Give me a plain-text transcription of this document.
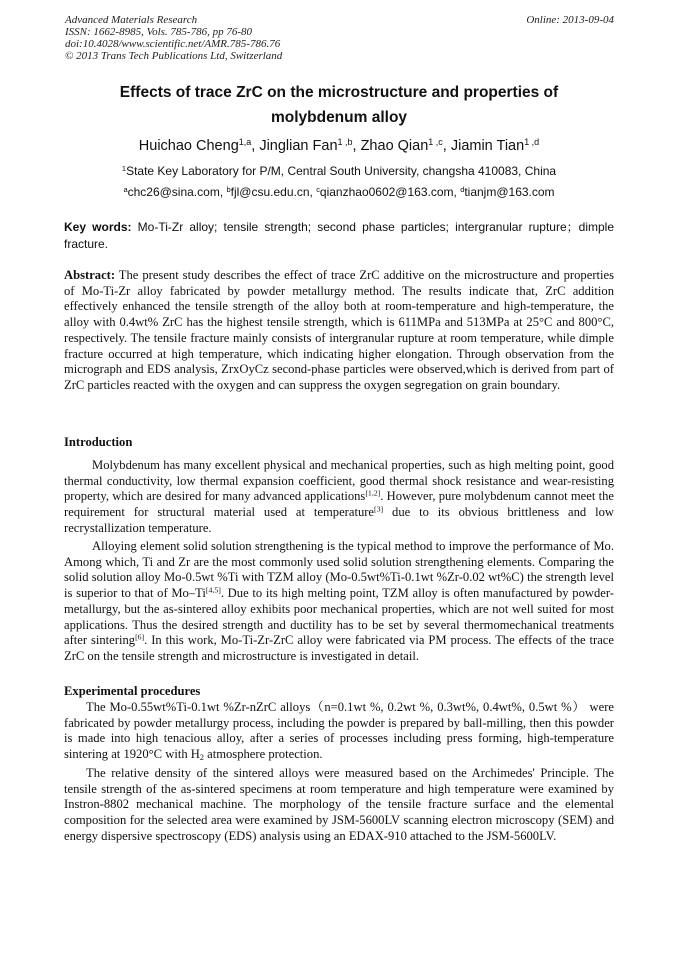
Advanced Materials Research
ISSN: 1662-8985, Vols. 785-786, pp 76-80
doi:10.4028/www.scientific.net/AMR.785-786.76
© 2013 Trans Tech Publications Ltd, Switzerland
Online: 2013-09-04
Effects of trace ZrC on the microstructure and properties of
molybdenum alloy
Huichao Cheng$^{1,a}$, Jinglian Fan$^{1 ,b}$, Zhao Qian$^{1 ,c}$, Jiamin Tian$^{1 ,d}$
$^1$State Key Laboratory for P/M, Central South University, changsha 410083, China
$^a$chc26@sina.com, $^b$fjl@csu.edu.cn, $^c$qianzhao0602@163.com, $^d$tianjm@163.com
Key words: Mo-Ti-Zr alloy; tensile strength; second phase particles; intergranular rupture；dimple fracture.
Abstract: The present study describes the effect of trace ZrC additive on the microstructure and properties of Mo-Ti-Zr alloy fabricated by powder metallurgy method. The results indicate that, ZrC addition effectively enhanced the tensile strength of the alloy both at room-temperature and high-temperature, the alloy with 0.4wt% ZrC has the highest tensile strength, which is 611MPa and 513MPa at 25°C and 800°C, respectively. The tensile fracture mainly consists of intergranular rupture at room temperature, while dimple fracture occurred at high temperature, which indicating higher elongation. Through observation from the micrograph and EDS analysis, ZrxOyCz second-phase particles were observed,which is derived from part of ZrC particles reacted with the oxygen and can suppress the oxygen segregation on grain boundary.
Introduction
Molybdenum has many excellent physical and mechanical properties, such as high melting point, good thermal conductivity, low thermal expansion coefficient, good thermal shock resistance and wear-resisting property, which are desired for many advanced applications[1,2]. However, pure molybdenum cannot meet the requirement for structural material used at temperature[3] due to its obvious brittleness and low recrystallization temperature.
Alloying element solid solution strengthening is the typical method to improve the performance of Mo. Among which, Ti and Zr are the most commonly used solid solution strengthening elements. Comparing the solid solution alloy Mo-0.5wt %Ti with TZM alloy (Mo-0.5wt%Ti-0.1wt %Zr-0.02 wt%C) the strength level is superior to that of Mo–Ti[4,5]. Due to its high melting point, TZM alloy is often manufactured by powder-metallurgy, but the as-sintered alloy exhibits poor mechanical properties, which are not well suited for most applications. Thus the desired strength and ductility has to be set by several thermomechanical treatments after sintering[6]. In this work, Mo-Ti-Zr-ZrC alloy were fabricated via PM process. The effects of the trace ZrC on the tensile strength and microstructure is investigated in detail.
Experimental procedures
The Mo-0.55wt%Ti-0.1wt %Zr-nZrC alloys（n=0.1wt %, 0.2wt %, 0.3wt%, 0.4wt%, 0.5wt %） were fabricated by powder metallurgy process, including the powder is prepared by ball-milling, then this powder is made into high tenacious alloy, after a series of processes including press forming, high-temperature sintering at 1920°C with $H_2$ atmosphere protection.
The relative density of the sintered alloys were measured based on the Archimedes' Principle. The tensile strength of the as-sintered specimens at room temperature and high temperature were examined by Instron-8802 mechanical machine. The morphology of the tensile fracture surface and the elemental composition for the selected area were examined by JSM-5600LV scanning electron microscopy (SEM) and energy dispersive spectroscopy (EDS) analysis using an EDAX-910 attached to the JSM-5600LV.
